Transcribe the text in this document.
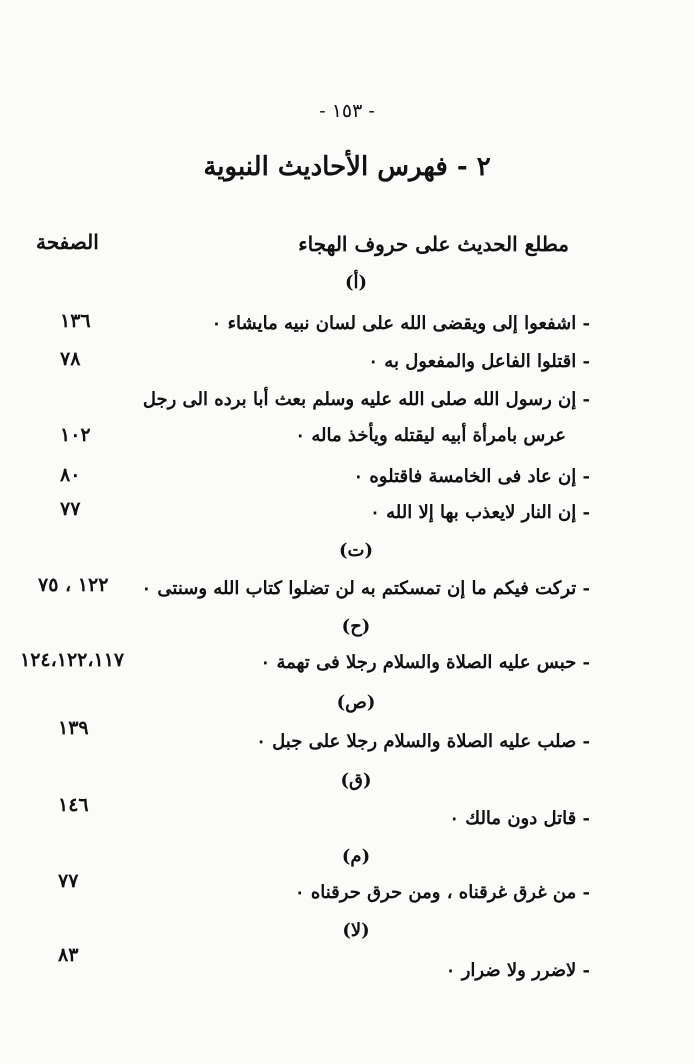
- ١٥٣ -
٢ - فهرس الأحاديث النبوية
مطلع الحديث على حروف الهجاء
الصفحة
(أ)
(ت)
(ح)
(ص)
(ق)
(م)
(لا)
- اشفعوا إلى ويقضى الله على لسان نبيه مايشاء ٠
- اقتلوا الفاعل والمفعول به ٠
- إن رسول الله صلى الله عليه وسلم بعث أبا برده الى رجل
عرس بامرأة أبيه ليقتله ويأخذ ماله ٠
- إن عاد فى الخامسة فاقتلوه ٠
- إن النار لايعذب بها إلا الله ٠
- تركت فيكم ما إن تمسكتم به لن تضلوا كتاب الله وسنتى ٠
- حبس عليه الصلاة والسلام رجلا فى تهمة ٠
- صلب عليه الصلاة والسلام رجلا على جبل ٠
- قاتل دون مالك ٠
- من غرق غرقناه ، ومن حرق حرقناه ٠
- لاضرر ولا ضرار ٠
١٣٦
٧٨
١٠٢
٨٠
٧٧
١٢٢ ، ٧٥
١٢٤،١٢٢،١١٧
١٣٩
١٤٦
٧٧
٨٣
